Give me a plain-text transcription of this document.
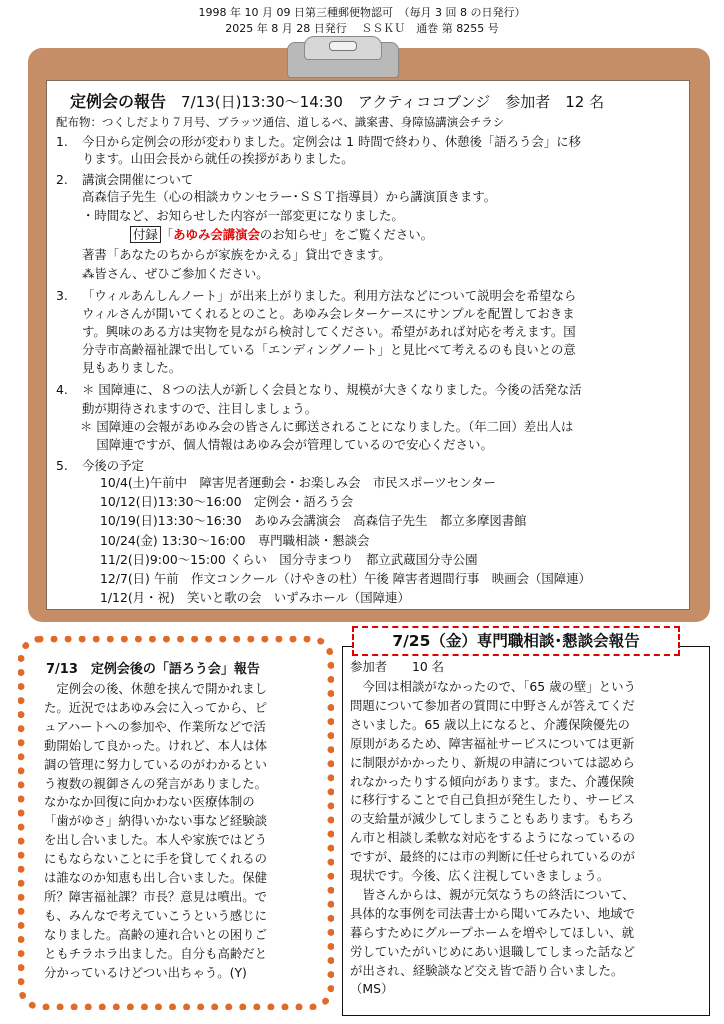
1998 年 10 月 09 日第三種郵便物認可　（毎月 3 回 8 の日発行）
2025 年 8 月 28 日発行　 ＳＳＫＵ　通巻 第 8255 号
定例会の報告　 7/13(日)13:30～14:30　アクティココブンジ　参加者　12 名
配布物：つくしだより７月号、ブラッツ通信、道しるべ、識案書、身障協講演会チラシ
1. 今日から定例会の形が変わりました。定例会は 1 時間で終わり、休憩後「語ろう会」に移
ります。山田会長から就任の挨拶がありました。
2. 講演会開催について
高森信子先生（心の相談カウンセラー･ＳＳＴ指導員）から講演頂きます。
・時間など、お知らせした内容が一部変更になりました。
付録 「あゆみ会講演会のお知らせ」をご覧ください。
著書「あなたのちからが家族をかえる」貸出できます。
⁂皆さん、ぜひご参加ください。
3. 「ウィルあんしんノート」が出来上がりました。利用方法などについて説明会を希望なら
ウィルさんが開いてくれるとのこと。あゆみ会レターケースにサンプルを配置しておきま
す。興味のある方は実物を見ながら検討してください。希望があれば対応を考えます。国
分寺市高齢福祉課で出している「エンディングノート」と見比べて考えるのも良いとの意
見もありました。
4. ＊ 国障連に、８つの法人が新しく会員となり、規模が大きくなりました。今後の活発な活
動が期待されますので、注目しましょう。
＊ 国障連の会報があゆみ会の皆さんに郵送されることになりました。（年二回）差出人は
　 国障連ですが、個人情報はあゆみ会が管理しているので安心ください。
5. 今後の予定
10/4(土)午前中　障害児者運動会・お楽しみ会　市民スポーツセンター
10/12(日)13:30～16:00　定例会・語ろう会
10/19(日)13:30～16:30　あゆみ会講演会　高森信子先生　都立多摩図書館
10/24(金) 13:30～16:00　専門職相談・懇談会
11/2(日)9:00～15:00 くらい　国分寺まつり　都立武蔵国分寺公園
12/7(日) 午前　作文コンクール（けやきの杜）午後 障害者週間行事　映画会（国障連）
1/12(月・祝)　笑いと歌の会　いずみホール（国障連）
7/13　定例会後の「語ろう会」報告
　定例会の後、休憩を挟んで開かれまし
た。近況ではあゆみ会に入ってから、ピ
ュアハートへの参加や、作業所などで活
動開始して良かった。けれど、本人は体
調の管理に努力しているのがわかるとい
う複数の親御さんの発言がありました。
なかなか回復に向かわない医療体制の
「歯がゆさ」納得いかない事など経験談
を出し合いました。本人や家族ではどう
にもならないことに手を貸してくれるの
は誰なのか知恵も出し合いました。保健
所？障害福祉課？市長？意見は噴出。で
も、みんなで考えていこうという感じに
なりました。高齢の連れ合いとの困りご
ともチラホラ出ました。自分も高齢だと
分かっているけどつい出ちゃう。(Y)
7/25（金）専門職相談･懇談会報告
参加者　　10 名
　今回は相談がなかったので、「65 歳の壁」という
問題について参加者の質問に中野さんが答えてくだ
さいました。65 歳以上になると、介護保険優先の
原則があるため、障害福祉サービスについては更新
に制限がかかったり、新規の申請については認めら
れなかったりする傾向があります。また、介護保険
に移行することで自己負担が発生したり、サービス
の支給量が減少してしまうこともあります。もちろ
ん市と相談し柔軟な対応をするようになっているの
ですが、最終的には市の判断に任せられているのが
現状です。今後、広く注視していきましょう。
　皆さんからは、親が元気なうちの終活について、
具体的な事例を司法書士から聞いてみたい、地域で
暮らすためにグループホームを増やしてほしい、就
労していたがいじめにあい退職してしまった話など
が出され、経験談など交え皆で語り合いました。
（MS）
